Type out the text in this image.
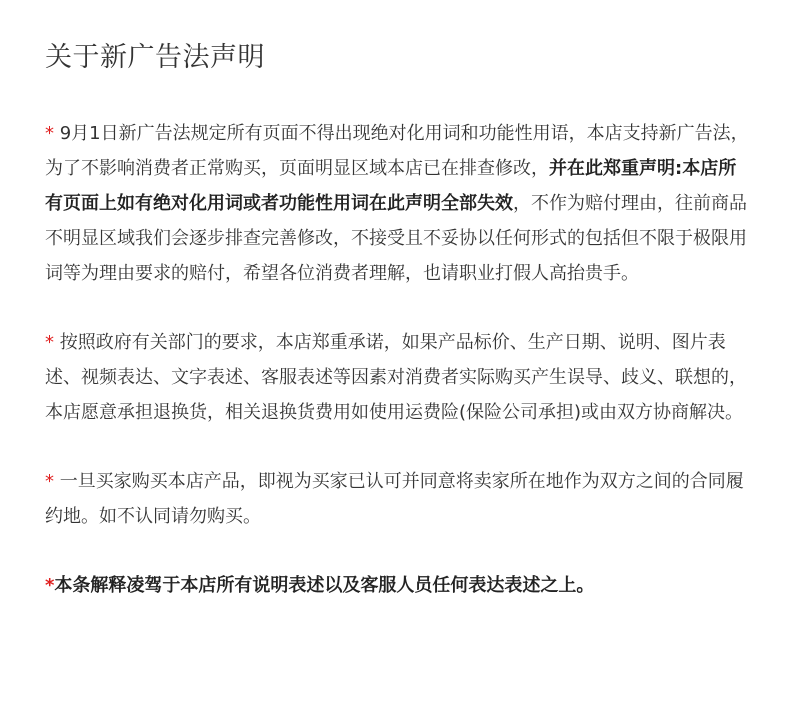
关于新广告法声明

* 9月1日新广告法规定所有页面不得出现绝对化用词和功能性用语，本店支持新广告法，为了不影响消费者正常购买，页面明显区域本店已在排查修改，并在此郑重声明:本店所有页面上如有绝对化用词或者功能性用词在此声明全部失效，不作为赔付理由，往前商品不明显区域我们会逐步排查完善修改，不接受且不妥协以任何形式的包括但不限于极限用词等为理由要求的赔付，希望各位消费者理解，也请职业打假人高抬贵手。

* 按照政府有关部门的要求，本店郑重承诺，如果产品标价、生产日期、说明、图片表述、视频表达、文字表述、客服表述等因素对消费者实际购买产生误导、歧义、联想的，本店愿意承担退换货，相关退换货费用如使用运费险(保险公司承担)或由双方协商解决。

* 一旦买家购买本店产品，即视为买家已认可并同意将卖家所在地作为双方之间的合同履约地。如不认同请勿购买。

*本条解释凌驾于本店所有说明表述以及客服人员任何表达表述之上。
